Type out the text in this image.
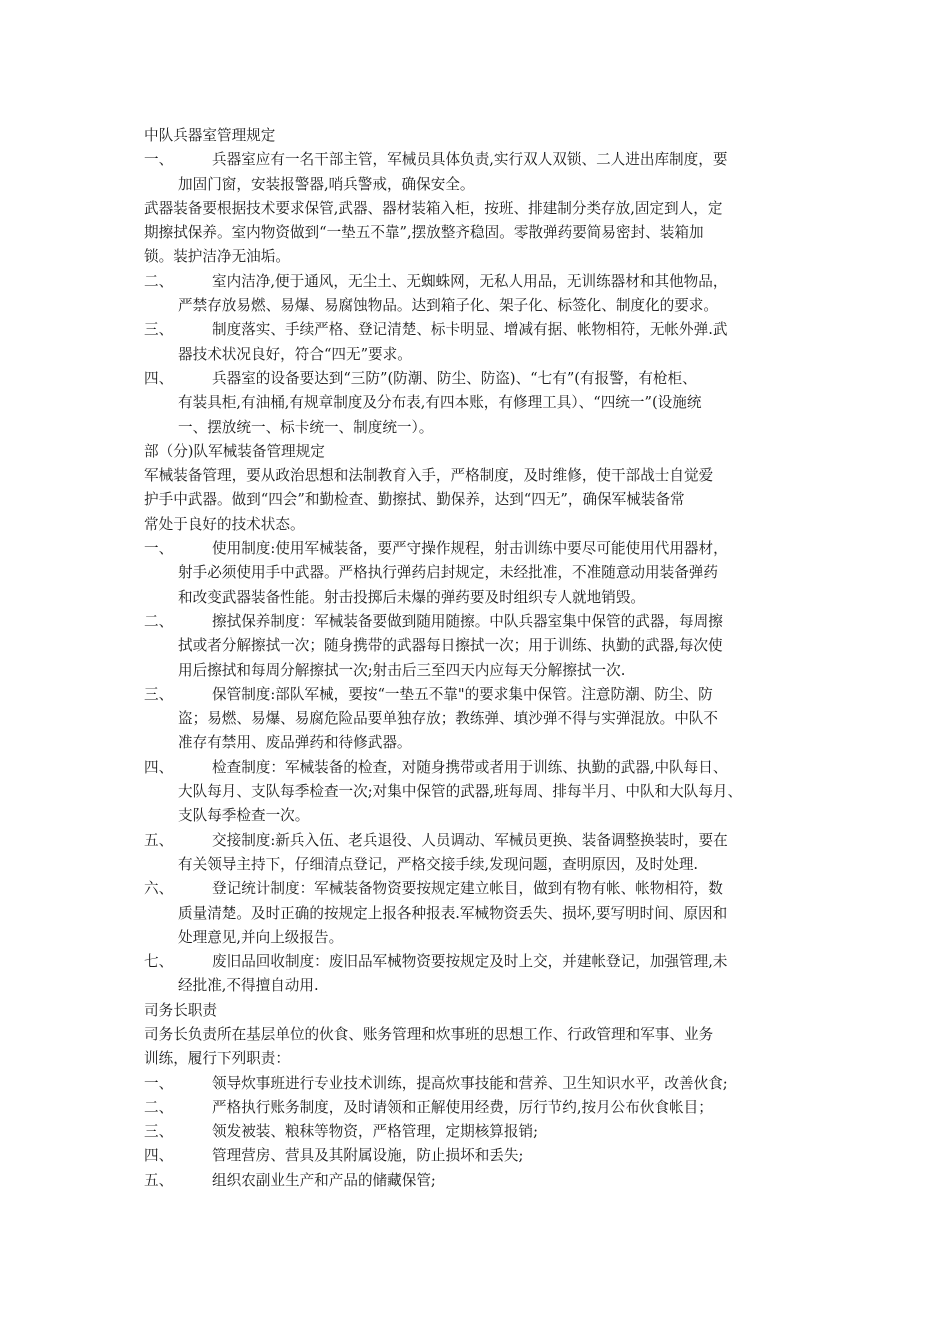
中队兵器室管理规定
一、	兵器室应有一名干部主管，军械员具体负责,实行双人双锁、二人进出库制度，要
加固门窗，安装报警器,哨兵警戒，确保安全。
武器装备要根据技术要求保管,武器、器材装箱入柜，按班、排建制分类存放,固定到人，定
期擦拭保养。室内物资做到“一垫五不靠”,摆放整齐稳固。零散弹药要简易密封、装箱加
锁。装护洁净无油垢。
二、	室内洁净,便于通风，无尘土、无蜘蛛网，无私人用品，无训练器材和其他物品，
严禁存放易燃、易爆、易腐蚀物品。达到箱子化、架子化、标签化、制度化的要求。
三、	制度落实、手续严格、登记清楚、标卡明显、增减有据、帐物相符，无帐外弹.武
器技术状况良好，符合“四无”要求。
四、	兵器室的设备要达到“三防”(防潮、防尘、防盗)、“七有”(有报警，有枪柜、
有装具柜,有油桶,有规章制度及分布表,有四本账，有修理工具）、“四统一”(设施统
一、摆放统一、标卡统一、制度统一）。
部（分)队军械装备管理规定
军械装备管理，要从政治思想和法制教育入手，严格制度，及时维修，使干部战士自觉爱
护手中武器。做到“四会”和勤检查、勤擦拭、勤保养，达到“四无”，确保军械装备常
常处于良好的技术状态。
一、	使用制度:使用军械装备，要严守操作规程，射击训练中要尽可能使用代用器材，
射手必须使用手中武器。严格执行弹药启封规定，未经批准，不准随意动用装备弹药
和改变武器装备性能。射击投掷后未爆的弹药要及时组织专人就地销毁。
二、	擦拭保养制度：军械装备要做到随用随擦。中队兵器室集中保管的武器，每周擦
拭或者分解擦拭一次；随身携带的武器每日擦拭一次；用于训练、执勤的武器,每次使
用后擦拭和每周分解擦拭一次;射击后三至四天内应每天分解擦拭一次.
三、	保管制度:部队军械，要按“一垫五不靠"的要求集中保管。注意防潮、防尘、防
盗；易燃、易爆、易腐危险品要单独存放；教练弹、填沙弹不得与实弹混放。中队不
准存有禁用、废品弹药和待修武器。
四、	检查制度：军械装备的检查，对随身携带或者用于训练、执勤的武器,中队每日、
大队每月、支队每季检查一次;对集中保管的武器,班每周、排每半月、中队和大队每月、
支队每季检查一次。
五、	交接制度:新兵入伍、老兵退役、人员调动、军械员更换、装备调整换装时，要在
有关领导主持下，仔细清点登记，严格交接手续,发现问题，查明原因，及时处理.
六、	登记统计制度：军械装备物资要按规定建立帐目，做到有物有帐、帐物相符，数
质量清楚。及时正确的按规定上报各种报表.军械物资丢失、损坏,要写明时间、原因和
处理意见,并向上级报告。
七、	废旧品回收制度：废旧品军械物资要按规定及时上交，并建帐登记，加强管理,未
经批准,不得擅自动用.
司务长职责
司务长负责所在基层单位的伙食、账务管理和炊事班的思想工作、行政管理和军事、业务
训练，履行下列职责：
一、	领导炊事班进行专业技术训练，提高炊事技能和营养、卫生知识水平，改善伙食;
二、	严格执行账务制度，及时请领和正解使用经费，厉行节约,按月公布伙食帐目；
三、	领发被装、粮秣等物资，严格管理，定期核算报销;
四、	管理营房、营具及其附属设施，防止损坏和丢失;
五、	组织农副业生产和产品的储藏保管;
